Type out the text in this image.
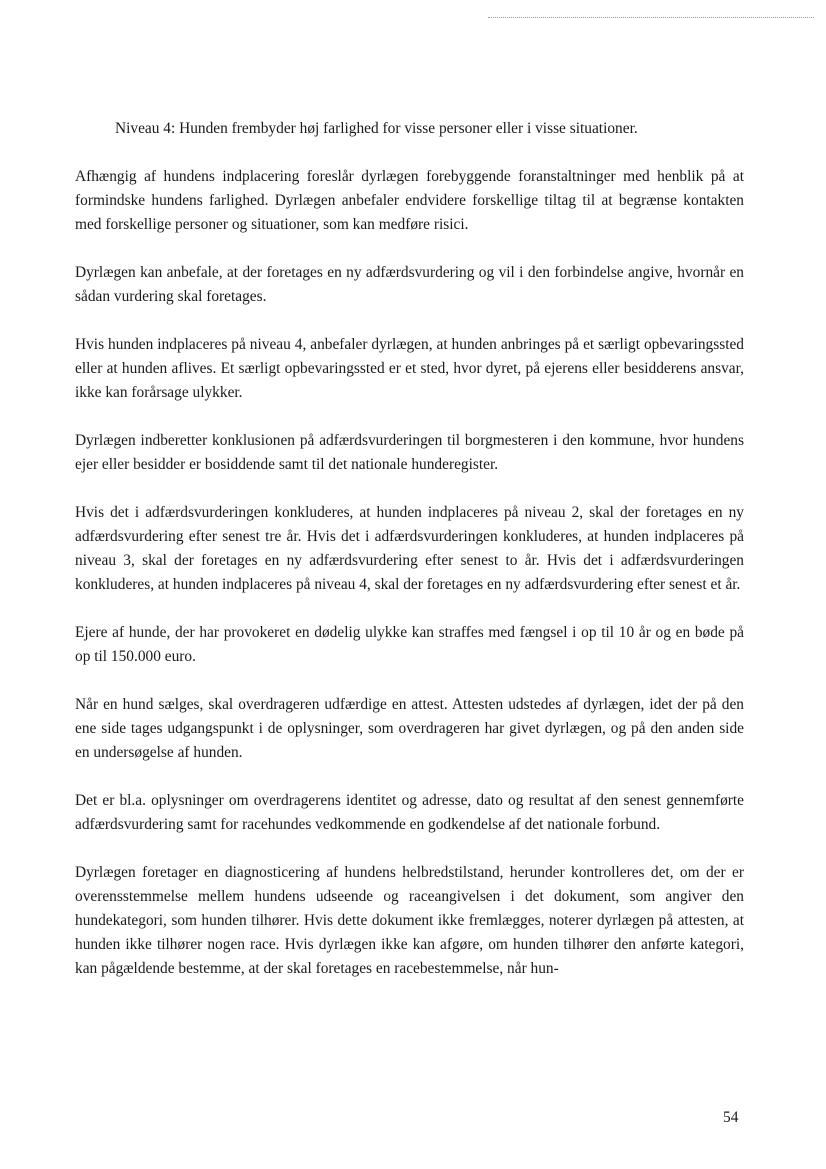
Niveau 4: Hunden frembyder høj farlighed for visse personer eller i visse situationer.

Afhængig af hundens indplacering foreslår dyrlægen forebyggende foranstaltninger med henblik på at formindske hundens farlighed. Dyrlægen anbefaler endvidere forskellige tiltag til at begrænse kontakten med forskellige personer og situationer, som kan medføre risici.

Dyrlægen kan anbefale, at der foretages en ny adfærdsvurdering og vil i den forbindelse angive, hvornår en sådan vurdering skal foretages.

Hvis hunden indplaceres på niveau 4, anbefaler dyrlægen, at hunden anbringes på et særligt opbevaringssted eller at hunden aflives. Et særligt opbevaringssted er et sted, hvor dyret, på ejerens eller besidderens ansvar, ikke kan forårsage ulykker.

Dyrlægen indberetter konklusionen på adfærdsvurderingen til borgmesteren i den kommune, hvor hundens ejer eller besidder er bosiddende samt til det nationale hunderegister.

Hvis det i adfærdsvurderingen konkluderes, at hunden indplaceres på niveau 2, skal der foretages en ny adfærdsvurdering efter senest tre år. Hvis det i adfærdsvurderingen konkluderes, at hunden indplaceres på niveau 3, skal der foretages en ny adfærdsvurdering efter senest to år. Hvis det i adfærdsvurderingen konkluderes, at hunden indplaceres på niveau 4, skal der foretages en ny adfærdsvurdering efter senest et år.

Ejere af hunde, der har provokeret en dødelig ulykke kan straffes med fængsel i op til 10 år og en bøde på op til 150.000 euro.

Når en hund sælges, skal overdrageren udfærdige en attest. Attesten udstedes af dyrlægen, idet der på den ene side tages udgangspunkt i de oplysninger, som overdrageren har givet dyrlægen, og på den anden side en undersøgelse af hunden.

Det er bl.a. oplysninger om overdragerens identitet og adresse, dato og resultat af den senest gennemførte adfærdsvurdering samt for racehundes vedkommende en godkendelse af det nationale forbund.

Dyrlægen foretager en diagnosticering af hundens helbredstilstand, herunder kontrolleres det, om der er overensstemmelse mellem hundens udseende og raceangivelsen i det dokument, som angiver den hundekategori, som hunden tilhører. Hvis dette dokument ikke fremlægges, noterer dyrlægen på attesten, at hunden ikke tilhører nogen race. Hvis dyrlægen ikke kan afgøre, om hunden tilhører den anførte kategori, kan pågældende bestemme, at der skal foretages en racebestemmelse, når hun-

54
